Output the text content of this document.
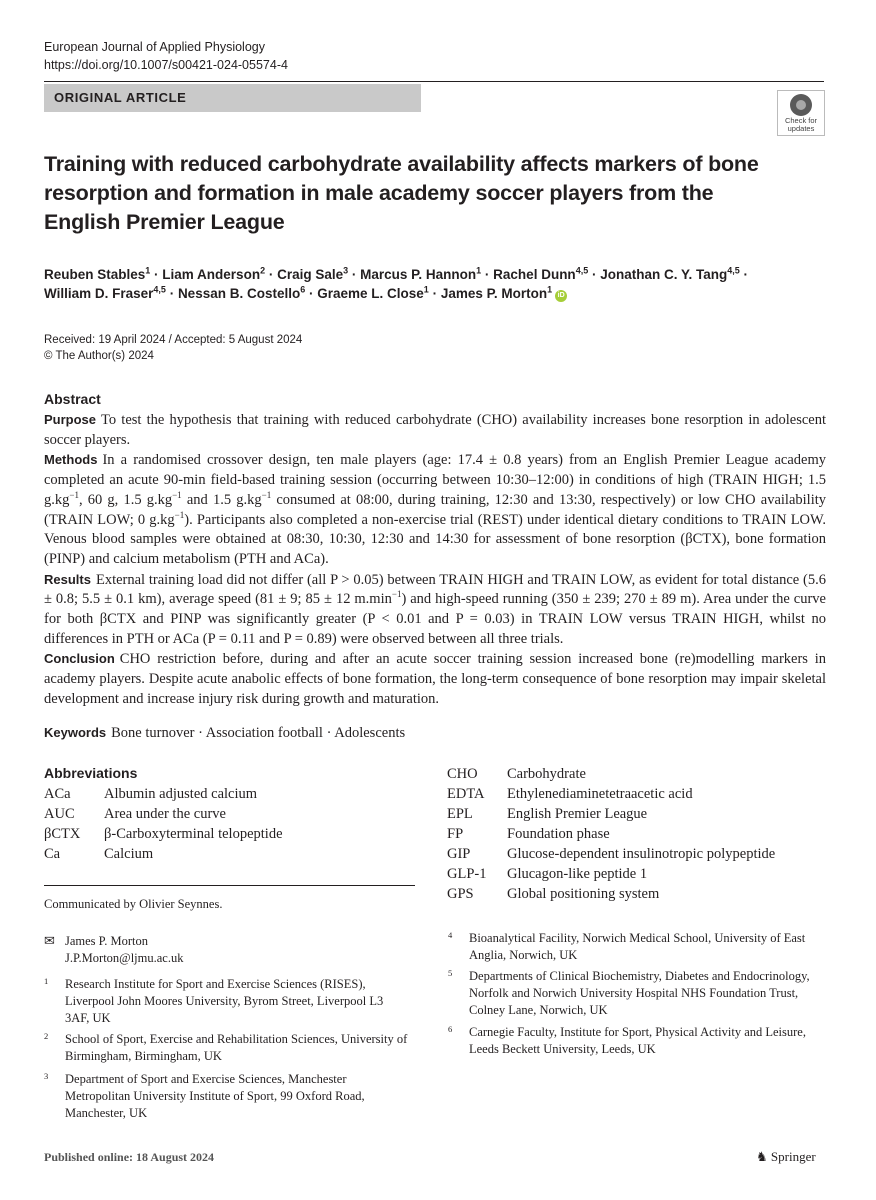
European Journal of Applied Physiology
https://doi.org/10.1007/s00421-024-05574-4
ORIGINAL ARTICLE
Check for
updates
Training with reduced carbohydrate availability affects markers of bone resorption and formation in male academy soccer players from the English Premier League
Reuben Stables$^1$ · Liam Anderson$^2$ · Craig Sale$^3$ · Marcus P. Hannon$^1$ · Rachel Dunn$^{4,5}$ · Jonathan C. Y. Tang$^{4,5}$ ·
William D. Fraser$^{4,5}$ · Nessan B. Costello$^6$ · Graeme L. Close$^1$ · James P. Morton$^1$iD
Received: 19 April 2024 / Accepted: 5 August 2024
© The Author(s) 2024
Abstract

Purpose To test the hypothesis that training with reduced carbohydrate (CHO) availability increases bone resorption in adolescent soccer players.

Methods In a randomised crossover design, ten male players (age: 17.4 ± 0.8 years) from an English Premier League academy completed an acute 90-min field-based training session (occurring between 10:30–12:00) in conditions of high (TRAIN HIGH; 1.5 $g.kg^{-1}$, 60 g, 1.5 $g.kg^{-1}$ and 1.5 $g.kg^{-1}$ consumed at 08:00, during training, 12:30 and 13:30, respectively) or low CHO availability (TRAIN LOW; 0 $g.kg^{-1}$). Participants also completed a non-exercise trial (REST) under identical dietary conditions to TRAIN LOW. Venous blood samples were obtained at 08:30, 10:30, 12:30 and 14:30 for assessment of bone resorption (βCTX), bone formation (PINP) and calcium metabolism (PTH and ACa).

Results External training load did not differ (all P > 0.05) between TRAIN HIGH and TRAIN LOW, as evident for total distance (5.6 ± 0.8; 5.5 ± 0.1 km), average speed (81 ± 9; 85 ± 12 $m.\min^{-1}$) and high-speed running (350 ± 239; 270 ± 89 m). Area under the curve for both βCTX and PINP was significantly greater (P < 0.01 and P = 0.03) in TRAIN LOW versus TRAIN HIGH, whilst no differences in PTH or ACa (P = 0.11 and P = 0.89) were observed between all three trials.

Conclusion CHO restriction before, during and after an acute soccer training session increased bone (re)modelling markers in academy players. Despite acute anabolic effects of bone formation, the long-term consequence of bone resorption may impair skeletal development and increase injury risk during growth and maturation.

Keywords Bone turnover · Association football · Adolescents
Abbreviations
ACa Albumin adjusted calcium
AUC Area under the curve
βCTX β-Carboxyterminal telopeptide
Ca	Calcium
CHO Carbohydrate
EDTA Ethylenediaminetetraacetic acid
EPL English Premier League
FP	Foundation phase
GIP	Glucose-dependent insulinotropic polypeptide
GLP-1 Glucagon-like peptide 1
GPS Global positioning system
Communicated by Olivier Seynnes.
✉ James P. Morton
J.P.Morton@ljmu.ac.uk
1 Research Institute for Sport and Exercise Sciences (RISES), Liverpool John Moores University, Byrom Street, Liverpool L3 3AF, UK
2 School of Sport, Exercise and Rehabilitation Sciences, University of Birmingham, Birmingham, UK
3 Department of Sport and Exercise Sciences, Manchester Metropolitan University Institute of Sport, 99 Oxford Road, Manchester, UK
4 Bioanalytical Facility, Norwich Medical School, University of East Anglia, Norwich, UK
5 Departments of Clinical Biochemistry, Diabetes and Endocrinology, Norfolk and Norwich University Hospital NHS Foundation Trust, Colney Lane, Norwich, UK
6 Carnegie Faculty, Institute for Sport, Physical Activity and Leisure, Leeds Beckett University, Leeds, UK
Published online: 18 August 2024	♞ Springer
